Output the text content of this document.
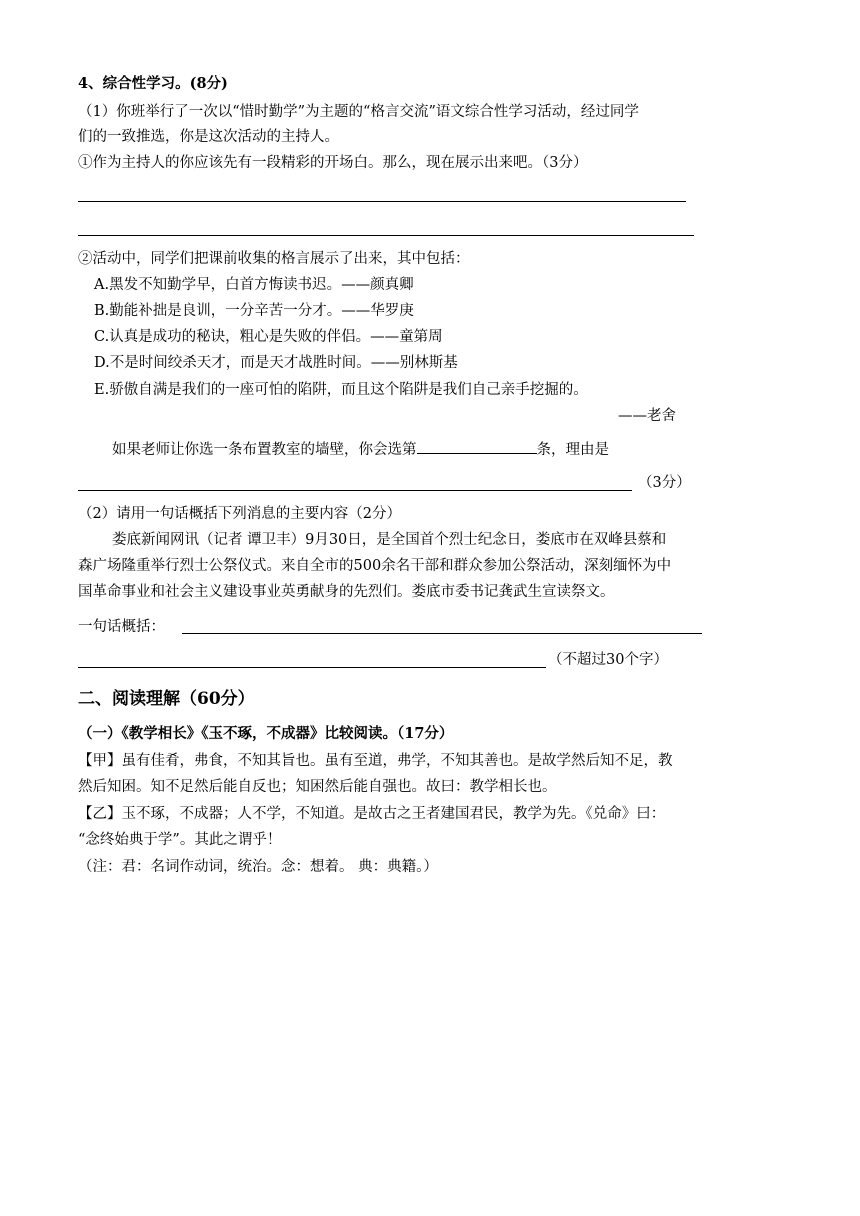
4、综合性学习。(8分)
（1）你班举行了一次以“惜时勤学”为主题的“格言交流”语文综合性学习活动，经过同学
们的一致推选，你是这次活动的主持人。
①作为主持人的你应该先有一段精彩的开场白。那么，现在展示出来吧。（3分）
②活动中，同学们把课前收集的格言展示了出来，其中包括：
A.黑发不知勤学早，白首方悔读书迟。——颜真卿
B.勤能补拙是良训，一分辛苦一分才。——华罗庚
C.认真是成功的秘诀，粗心是失败的伴侣。——童第周
D.不是时间绞杀天才，而是天才战胜时间。——别林斯基
E.骄傲自满是我们的一座可怕的陷阱，而且这个陷阱是我们自己亲手挖掘的。
——老舍
如果老师让你选一条布置教室的墙壁，你会选第	条，理由是
（3分）
（2）请用一句话概括下列消息的主要内容（2分）
娄底新闻网讯（记者 谭卫丰）9月30日，是全国首个烈士纪念日，娄底市在双峰县蔡和
森广场隆重举行烈士公祭仪式。来自全市的500余名干部和群众参加公祭活动，深刻缅怀为中
国革命事业和社会主义建设事业英勇献身的先烈们。娄底市委书记龚武生宣读祭文。
一句话概括：
（不超过30个字）
二、阅读理解（60分）
（一）《教学相长》《玉不琢，不成器》比较阅读。（17分）
【甲】虽有佳肴，弗食，不知其旨也。虽有至道，弗学，不知其善也。是故学然后知不足，教
然后知困。知不足然后能自反也；知困然后能自强也。故曰：教学相长也。
【乙】玉不琢，不成器；人不学，不知道。是故古之王者建国君民，教学为先。《兑命》曰：
“念终始典于学”。其此之谓乎！
（注：君：名词作动词，统治。念：想着。 典：典籍。）
